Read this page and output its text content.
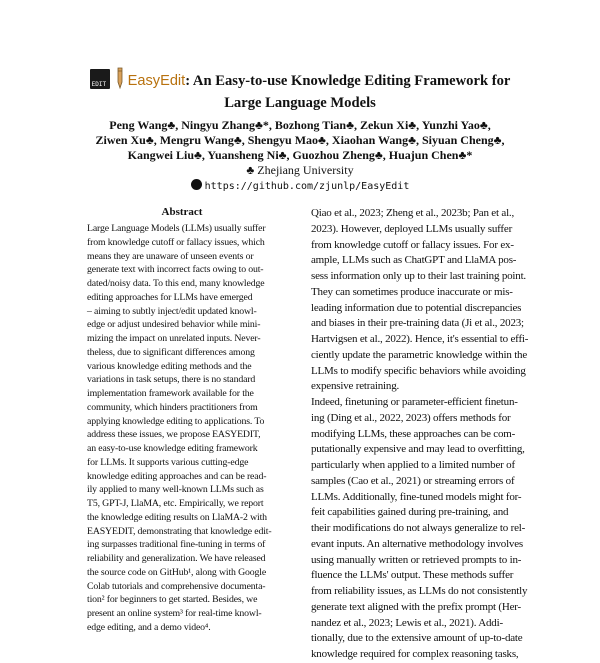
EDIT EasyEdit: An Easy-to-use Knowledge Editing Framework for
Large Language Models
Peng Wang♣, Ningyu Zhang♣*, Bozhong Tian♣, Zekun Xi♣, Yunzhi Yao♣,
Ziwen Xu♣, Mengru Wang♣, Shengyu Mao♣, Xiaohan Wang♣, Siyuan Cheng♣,
Kangwei Liu♣, Yuansheng Ni♣, Guozhou Zheng♣, Huajun Chen♣*
♣ Zhejiang University
https://github.com/zjunlp/EasyEdit
Abstract
Large Language Models (LLMs) usually suffer
from knowledge cutoff or fallacy issues, which
means they are unaware of unseen events or
generate text with incorrect facts owing to out-
dated/noisy data. To this end, many knowledge
editing approaches for LLMs have emerged
– aiming to subtly inject/edit updated knowl-
edge or adjust undesired behavior while mini-
mizing the impact on unrelated inputs. Never-
theless, due to significant differences among
various knowledge editing methods and the
variations in task setups, there is no standard
implementation framework available for the
community, which hinders practitioners from
applying knowledge editing to applications. To
address these issues, we propose EASYEDIT,
an easy-to-use knowledge editing framework
for LLMs. It supports various cutting-edge
knowledge editing approaches and can be read-
ily applied to many well-known LLMs such as
T5, GPT-J, LlaMA, etc. Empirically, we report
the knowledge editing results on LlaMA-2 with
EASYEDIT, demonstrating that knowledge edit-
ing surpasses traditional fine-tuning in terms of
reliability and generalization. We have released
the source code on GitHub¹, along with Google
Colab tutorials and comprehensive documenta-
tion² for beginners to get started. Besides, we
present an online system³ for real-time knowl-
edge editing, and a demo video⁴.
Qiao et al., 2023; Zheng et al., 2023b; Pan et al.,
2023). However, deployed LLMs usually suffer
from knowledge cutoff or fallacy issues. For ex-
ample, LLMs such as ChatGPT and LlaMA pos-
sess information only up to their last training point.
They can sometimes produce inaccurate or mis-
leading information due to potential discrepancies
and biases in their pre-training data (Ji et al., 2023;
Hartvigsen et al., 2022). Hence, it's essential to effi-
ciently update the parametric knowledge within the
LLMs to modify specific behaviors while avoiding
expensive retraining.
Indeed, finetuning or parameter-efficient finetun-
ing (Ding et al., 2022, 2023) offers methods for
modifying LLMs, these approaches can be com-
putationally expensive and may lead to overfitting,
particularly when applied to a limited number of
samples (Cao et al., 2021) or streaming errors of
LLMs. Additionally, fine-tuned models might for-
feit capabilities gained during pre-training, and
their modifications do not always generalize to rel-
evant inputs. An alternative methodology involves
using manually written or retrieved prompts to in-
fluence the LLMs' output. These methods suffer
from reliability issues, as LLMs do not consistently
generate text aligned with the prefix prompt (Her-
nandez et al., 2023; Lewis et al., 2021). Addi-
tionally, due to the extensive amount of up-to-date
knowledge required for complex reasoning tasks,
